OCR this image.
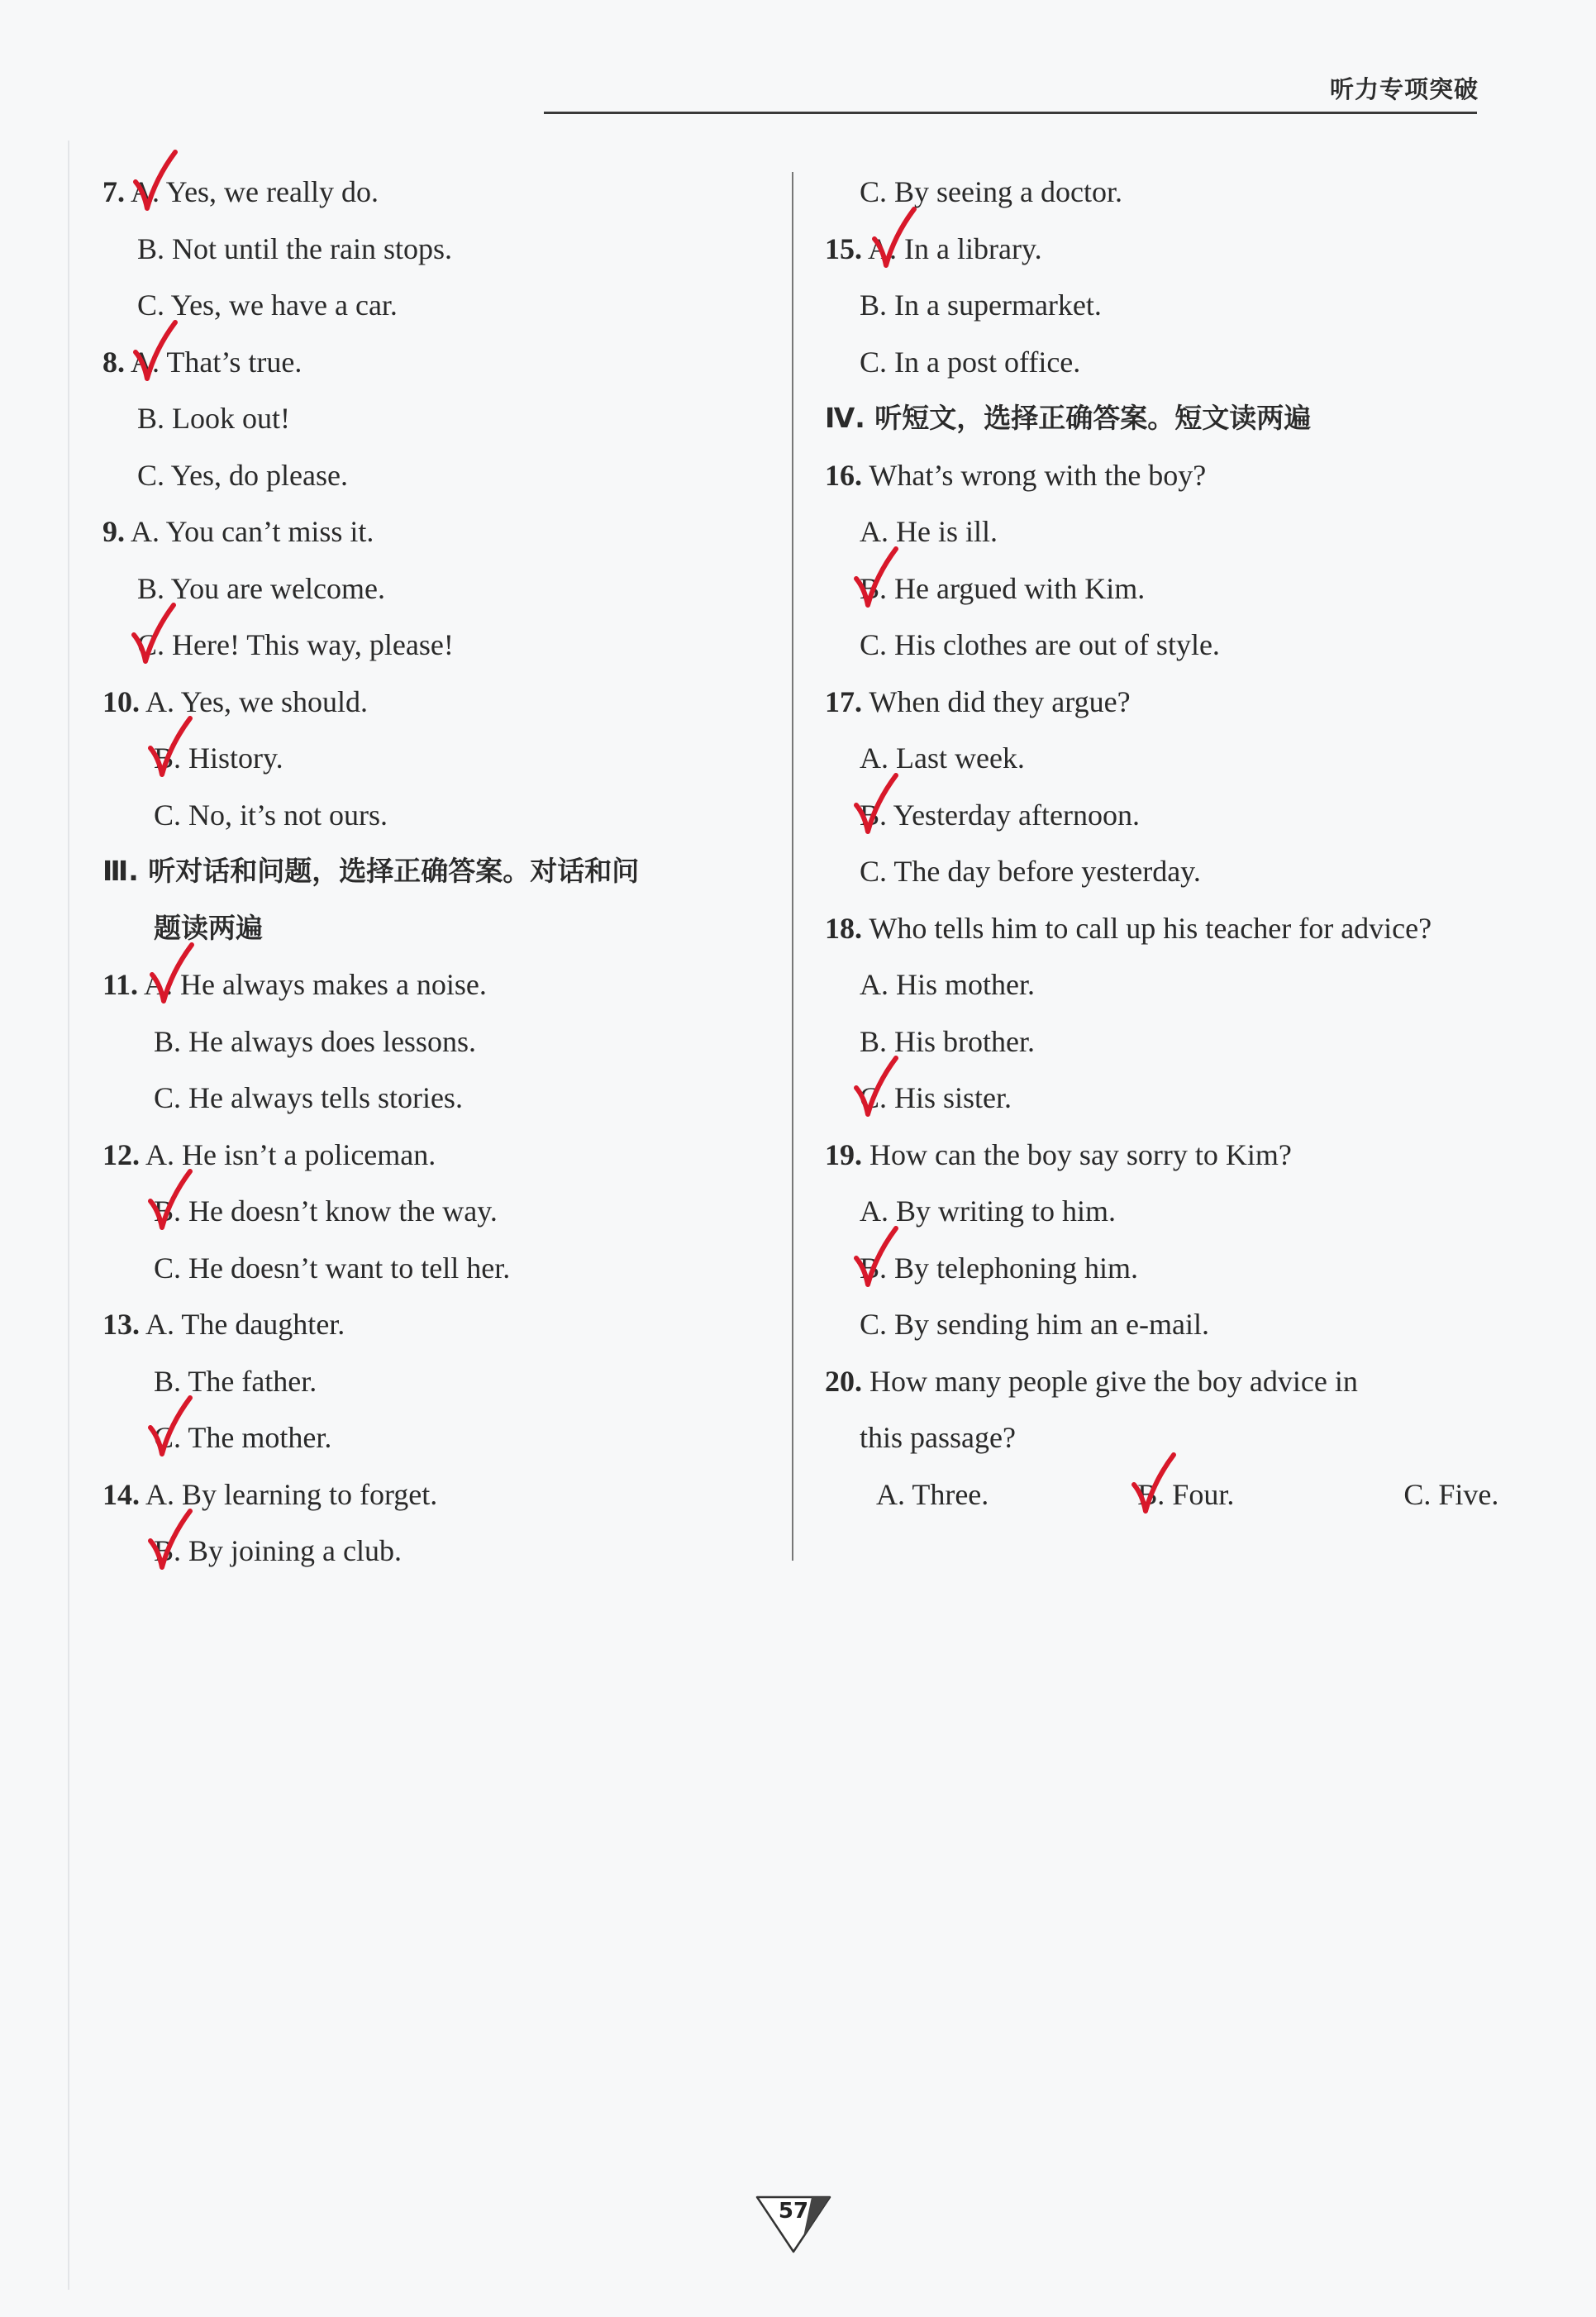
听力专项突破
7. A. Yes, we really do.
B. Not until the rain stops.
C. Yes, we have a car.
8. A. That’s true.
B. Look out!
C. Yes, do please.
9. A. You can’t miss it.
B. You are welcome.
C. Here! This way, please!
10. A. Yes, we should.
B. History.
C. No, it’s not ours.
Ⅲ. 听对话和问题，选择正确答案。对话和问
题读两遍
11. A. He always makes a noise.
B. He always does lessons.
C. He always tells stories.
12. A. He isn’t a policeman.
B. He doesn’t know the way.
C. He doesn’t want to tell her.
13. A. The daughter.
B. The father.
C. The mother.
14. A. By learning to forget.
B. By joining a club.
C. By seeing a doctor.
15. A. In a library.
B. In a supermarket.
C. In a post office.
Ⅳ. 听短文，选择正确答案。短文读两遍
16. What’s wrong with the boy?
A. He is ill.
B. He argued with Kim.
C. His clothes are out of style.
17. When did they argue?
A. Last week.
B. Yesterday afternoon.
C. The day before yesterday.
18. Who tells him to call up his teacher for advice?
A. His mother.
B. His brother.
C. His sister.
19. How can the boy say sorry to Kim?
A. By writing to him.
B. By telephoning him.
C. By sending him an e-mail.
20. How many people give the boy advice in
this passage?
A. Three.	B. Four.	C. Five.
57
